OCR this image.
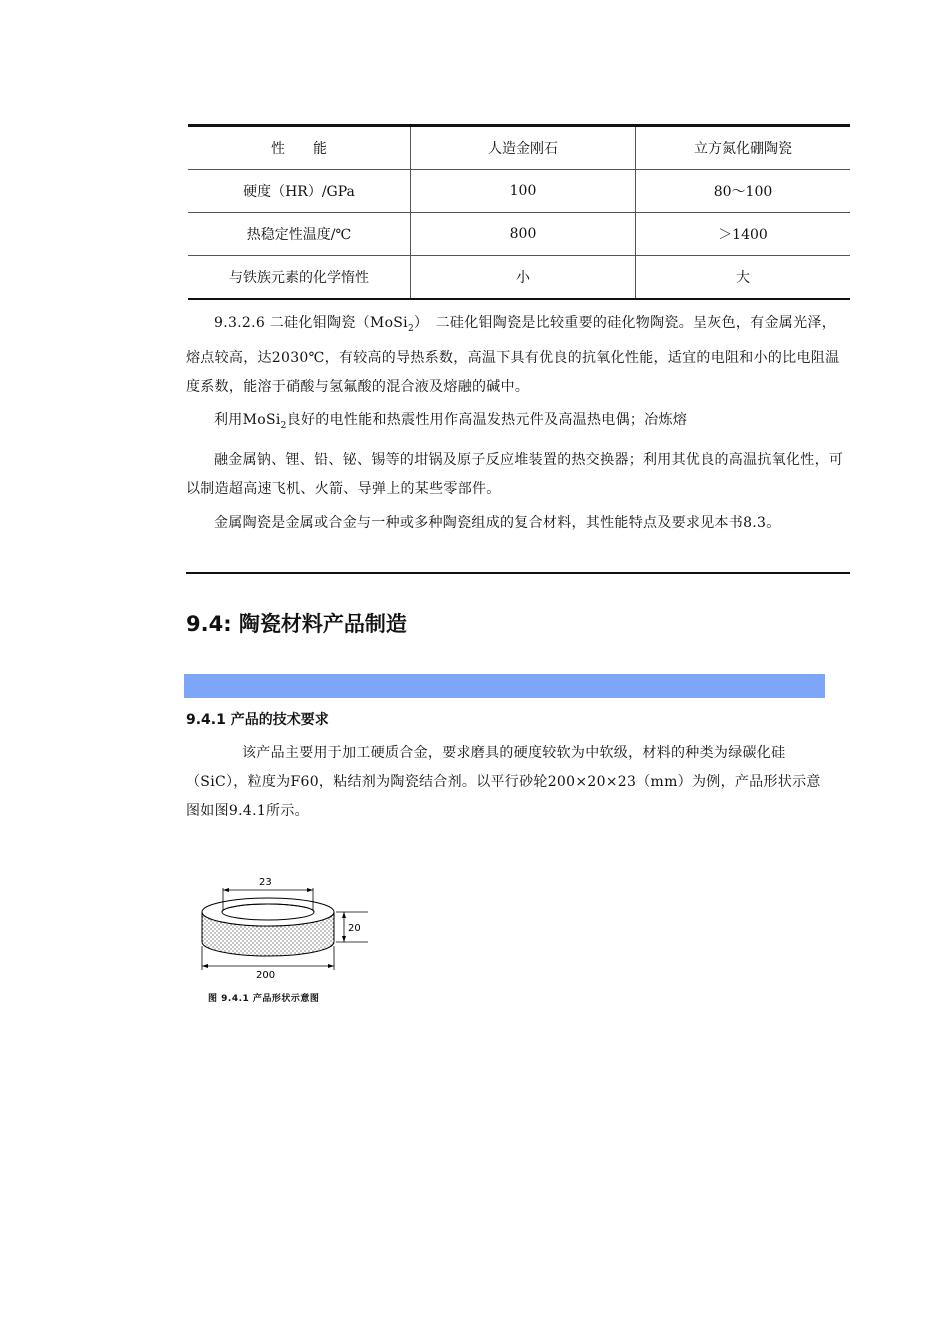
性　　能	人造金刚石	立方氮化硼陶瓷
硬度（HR）/GPa	100	80～100
热稳定性温度/℃	800	＞1400
与铁族元素的化学惰性	小	大

9.3.2.6 二硅化钼陶瓷（MoSi$_2$）　二硅化钼陶瓷是比较重要的硅化物陶瓷。呈灰色，有金属光泽，熔点较高，达2030℃，有较高的导热系数，高温下具有优良的抗氧化性能，适宜的电阻和小的比电阻温度系数，能溶于硝酸与氢氟酸的混合液及熔融的碱中。

利用MoSi$_2$良好的电性能和热震性用作高温发热元件及高温热电偶；冶炼熔

融金属钠、锂、铅、铋、锡等的坩锅及原子反应堆装置的热交换器；利用其优良的高温抗氧化性，可以制造超高速飞机、火箭、导弹上的某些零部件。

金属陶瓷是金属或合金与一种或多种陶瓷组成的复合材料，其性能特点及要求见本书8.3。

9.4: 陶瓷材料产品制造
9.4.1 产品的技术要求

该产品主要用于加工硬质合金，要求磨具的硬度较软为中软级，材料的种类为绿碳化硅（SiC），粒度为F60，粘结剂为陶瓷结合剂。以平行砂轮200×20×23（mm）为例，产品形状示意图如图9.4.1所示。

23
20
200
图 9.4.1 产品形状示意图
